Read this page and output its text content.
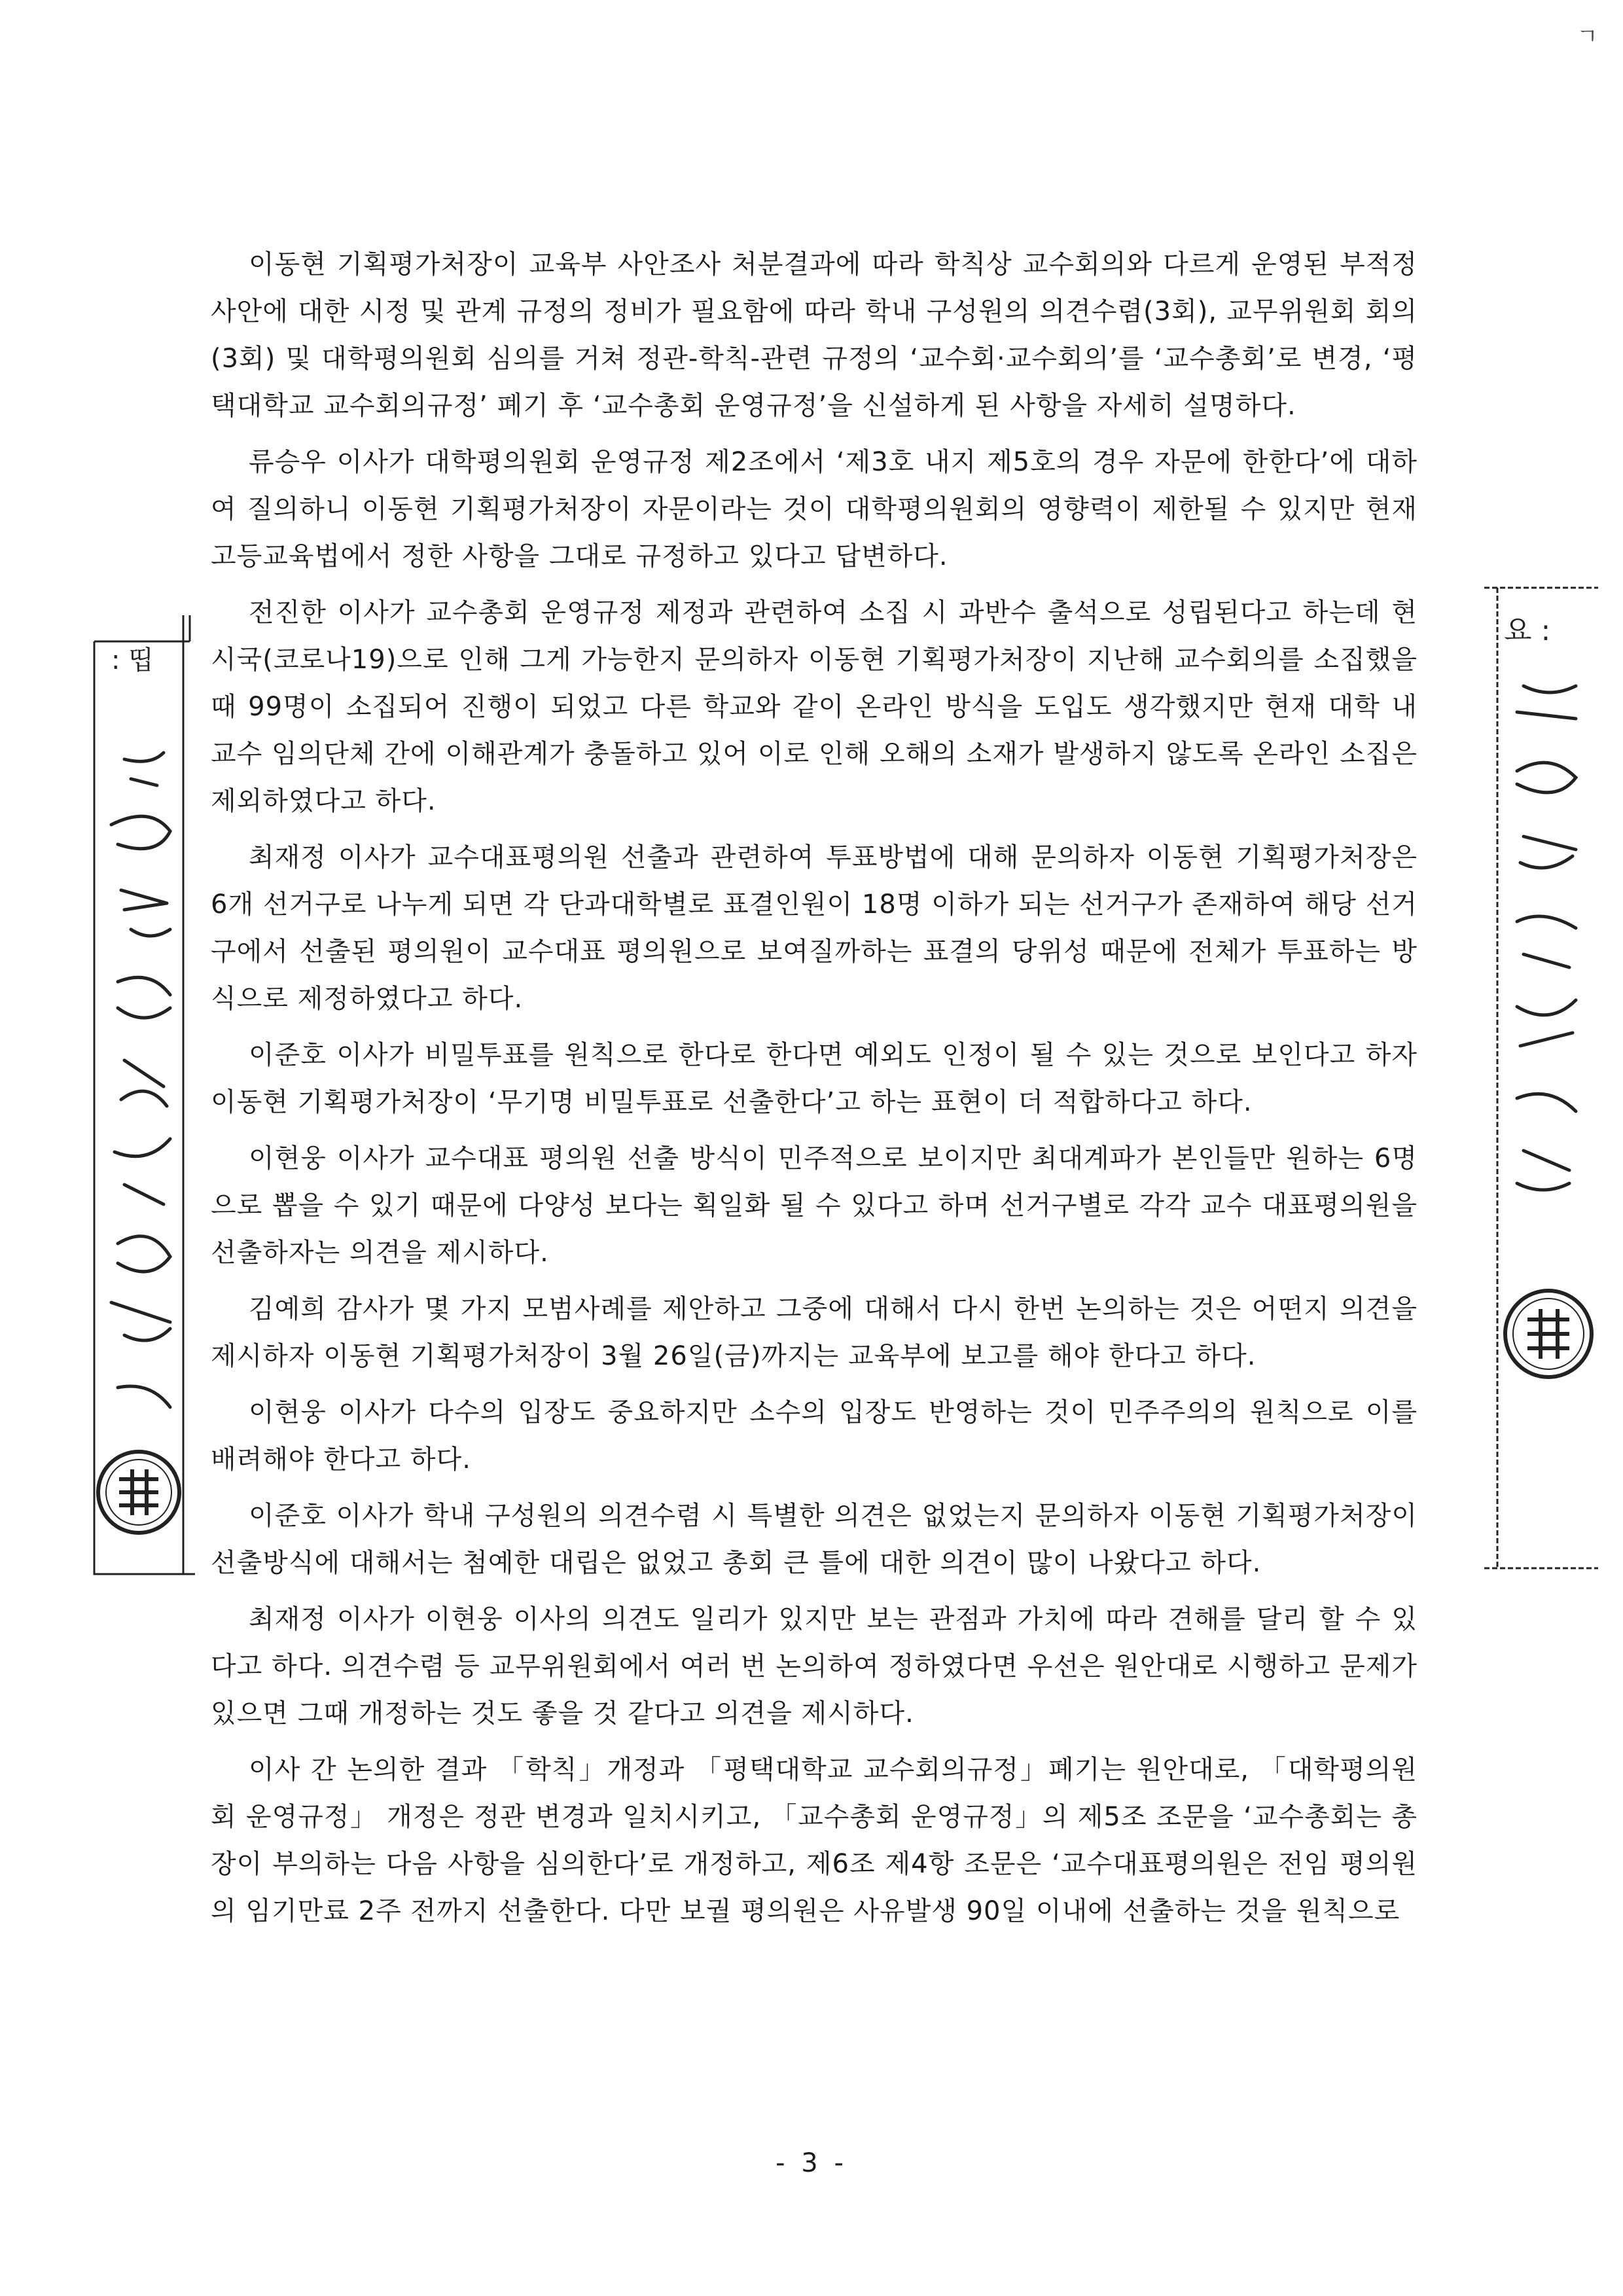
ㄱ
: 띱
요 :

이동현 기획평가처장이 교육부 사안조사 처분결과에 따라 학칙상 교수회의와 다르게 운영된 부적정 사안에 대한 시정 및 관계 규정의 정비가 필요함에 따라 학내 구성원의 의견수렴(3회), 교무위원회 회의(3회) 및 대학평의원회 심의를 거쳐 정관-학칙-관련 규정의 ‘교수회·교수회의’를 ‘교수총회’로 변경, ‘평택대학교 교수회의규정’ 폐기 후 ‘교수총회 운영규정’을 신설하게 된 사항을 자세히 설명하다.

류승우 이사가 대학평의원회 운영규정 제2조에서 ‘제3호 내지 제5호의 경우 자문에 한한다’에 대하여 질의하니 이동현 기획평가처장이 자문이라는 것이 대학평의원회의 영향력이 제한될 수 있지만 현재 고등교육법에서 정한 사항을 그대로 규정하고 있다고 답변하다.

전진한 이사가 교수총회 운영규정 제정과 관련하여 소집 시 과반수 출석으로 성립된다고 하는데 현 시국(코로나19)으로 인해 그게 가능한지 문의하자 이동현 기획평가처장이 지난해 교수회의를 소집했을 때 99명이 소집되어 진행이 되었고 다른 학교와 같이 온라인 방식을 도입도 생각했지만 현재 대학 내 교수 임의단체 간에 이해관계가 충돌하고 있어 이로 인해 오해의 소재가 발생하지 않도록 온라인 소집은 제외하였다고 하다.

최재정 이사가 교수대표평의원 선출과 관련하여 투표방법에 대해 문의하자 이동현 기획평가처장은 6개 선거구로 나누게 되면 각 단과대학별로 표결인원이 18명 이하가 되는 선거구가 존재하여 해당 선거구에서 선출된 평의원이 교수대표 평의원으로 보여질까하는 표결의 당위성 때문에 전체가 투표하는 방식으로 제정하였다고 하다.

이준호 이사가 비밀투표를 원칙으로 한다로 한다면 예외도 인정이 될 수 있는 것으로 보인다고 하자 이동현 기획평가처장이 ‘무기명 비밀투표로 선출한다’고 하는 표현이 더 적합하다고 하다.

이현웅 이사가 교수대표 평의원 선출 방식이 민주적으로 보이지만 최대계파가 본인들만 원하는 6명으로 뽑을 수 있기 때문에 다양성 보다는 획일화 될 수 있다고 하며 선거구별로 각각 교수 대표평의원을 선출하자는 의견을 제시하다.

김예희 감사가 몇 가지 모범사례를 제안하고 그중에 대해서 다시 한번 논의하는 것은 어떤지 의견을 제시하자 이동현 기획평가처장이 3월 26일(금)까지는 교육부에 보고를 해야 한다고 하다.

이현웅 이사가 다수의 입장도 중요하지만 소수의 입장도 반영하는 것이 민주주의의 원칙으로 이를 배려해야 한다고 하다.

이준호 이사가 학내 구성원의 의견수렴 시 특별한 의견은 없었는지 문의하자 이동현 기획평가처장이 선출방식에 대해서는 첨예한 대립은 없었고 총회 큰 틀에 대한 의견이 많이 나왔다고 하다.

최재정 이사가 이현웅 이사의 의견도 일리가 있지만 보는 관점과 가치에 따라 견해를 달리 할 수 있다고 하다. 의견수렴 등 교무위원회에서 여러 번 논의하여 정하였다면 우선은 원안대로 시행하고 문제가 있으면 그때 개정하는 것도 좋을 것 같다고 의견을 제시하다.

이사 간 논의한 결과 「학칙」개정과 「평택대학교 교수회의규정」폐기는 원안대로, 「대학평의원회 운영규정」 개정은 정관 변경과 일치시키고, 「교수총회 운영규정」의 제5조 조문을 ‘교수총회는 총장이 부의하는 다음 사항을 심의한다’로 개정하고, 제6조 제4항 조문은 ‘교수대표평의원은 전임 평의원의 임기만료 2주 전까지 선출한다. 다만 보궐 평의원은 사유발생 90일 이내에 선출하는 것을 원칙으로

- 3 -
